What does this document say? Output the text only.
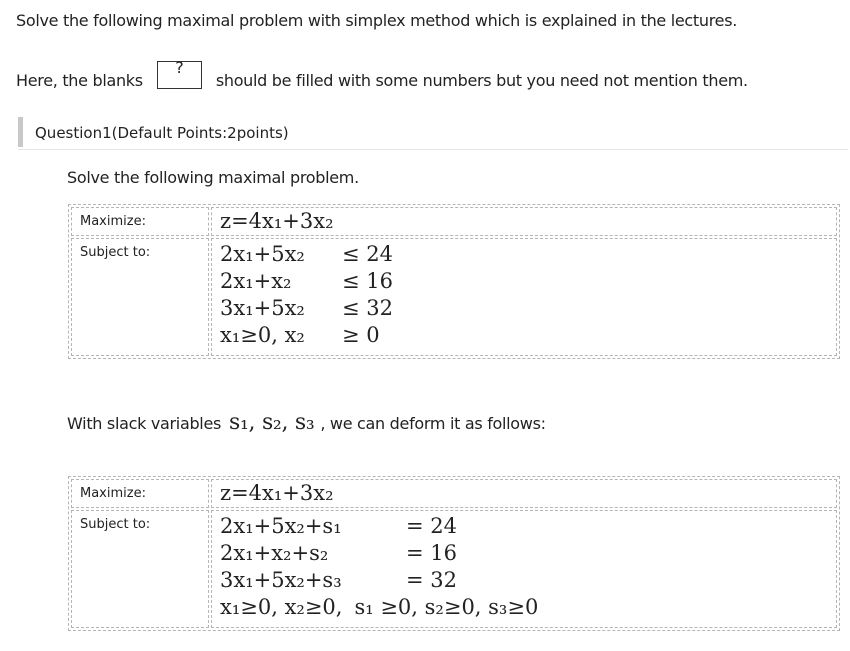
Solve the following maximal problem with simplex method which is explained in the lectures.
Here, the blanks
?
should be filled with some numbers but you need not mention them.
Question1(Default Points:2points)
Solve the following maximal problem.
Maximize:	z=4x₁+3x₂

Subject to:	2x₁+5x₂ ≤ 24
2x₁+x₂ ≤ 16
3x₁+5x₂ ≤ 32
x₁≥0, x₂ ≥ 0
With slack variables s₁, s₂, s₃ , we can deform it as follows:
Maximize:	z=4x₁+3x₂

Subject to:	2x₁+5x₂+s₁ = 24
2x₁+x₂+s₂ = 16
3x₁+5x₂+s₃ = 32
x₁≥0, x₂≥0, s₁ ≥0, s₂≥0, s₃≥0
